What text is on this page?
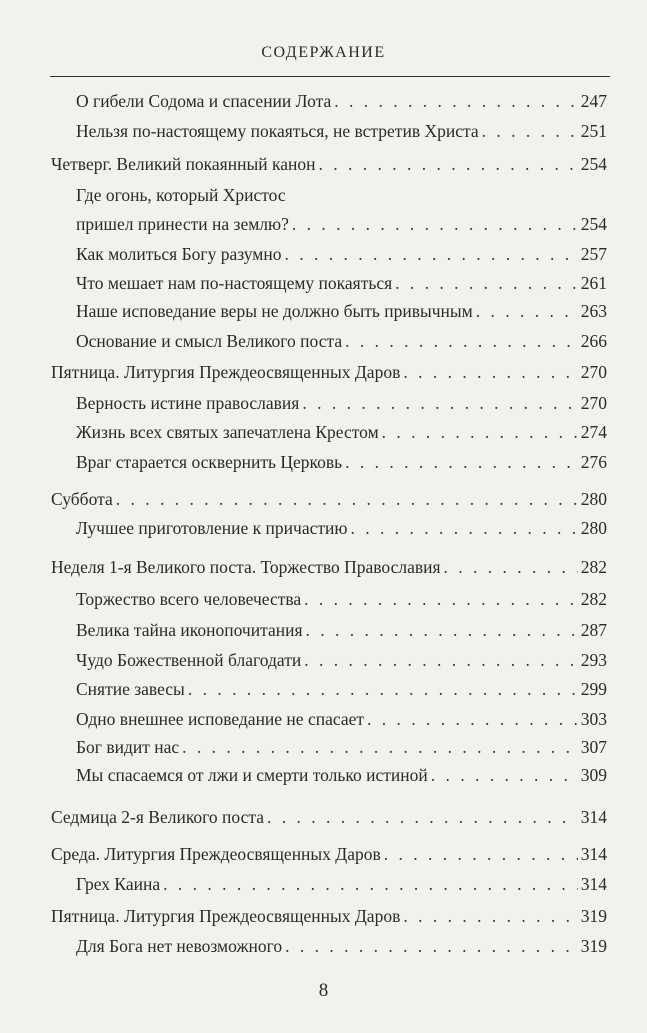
СОДЕРЖАНИЕ
О гибели Содома и спасении Лота . . .	247
Нельзя по-настоящему покаяться, не встретив Христа . . .	251
Четверг. Великий покаянный канон . . .	254
Где огонь, который Христос
пришел принести на землю? . . .	254
Как молиться Богу разумно . . .	257
Что мешает нам по-настоящему покаяться . . .	261
Наше исповедание веры не должно быть привычным . . .	263
Основание и смысл Великого поста . . .	266
Пятница. Литургия Преждеосвященных Даров . . .	270
Верность истине православия . . .	270
Жизнь всех святых запечатлена Крестом . . .	274
Враг старается осквернить Церковь . . .	276
Суббота . . .	280
Лучшее приготовление к причастию . . .	280
Неделя 1-я Великого поста. Торжество Православия . . .	282
Торжество всего человечества . . .	282
Велика тайна иконопочитания . . .	287
Чудо Божественной благодати . . .	293
Снятие завесы . . .	299
Одно внешнее исповедание не спасает . . .	303
Бог видит нас . . .	307
Мы спасаемся от лжи и смерти только истиной . . .	309
Седмица 2-я Великого поста . . .	314
Среда. Литургия Преждеосвященных Даров . . .	314
Грех Каина . . .	314
Пятница. Литургия Преждеосвященных Даров . . .	319
Для Бога нет невозможного . . .	319
8
